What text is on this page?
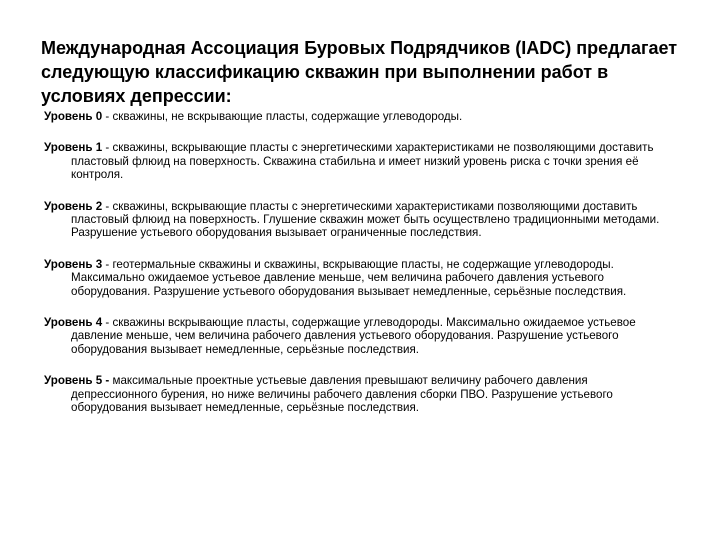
Международная Ассоциация Буровых Подрядчиков (IADC) предлагает следующую классификацию скважин при выполнении работ в условиях депрессии:
Уровень 0 - скважины, не вскрывающие пласты, содержащие углеводороды.
Уровень 1 - скважины, вскрывающие пласты с энергетическими характеристиками не позволяющими доставить пластовый флюид на поверхность. Скважина стабильна и имеет низкий уровень риска с точки зрения её контроля.
Уровень 2 - скважины, вскрывающие пласты с энергетическими характеристиками позволяющими доставить пластовый флюид на поверхность. Глушение скважин может быть осуществлено традиционными методами. Разрушение устьевого оборудования вызывает ограниченные последствия.
Уровень 3 - геотермальные скважины и скважины, вскрывающие пласты, не содержащие углеводороды. Максимально ожидаемое устьевое давление меньше, чем величина рабочего давления устьевого оборудования. Разрушение устьевого оборудования вызывает немедленные, серьёзные последствия.
Уровень 4 - скважины вскрывающие пласты, содержащие углеводороды. Максимально ожидаемое устьевое давление меньше, чем величина рабочего давления устьевого оборудования. Разрушение устьевого оборудования вызывает немедленные, серьёзные последствия.
Уровень 5 - максимальные проектные устьевые давления превышают величину рабочего давления депрессионного бурения, но ниже величины рабочего давления сборки ПВО. Разрушение устьевого оборудования вызывает немедленные, серьёзные последствия.
